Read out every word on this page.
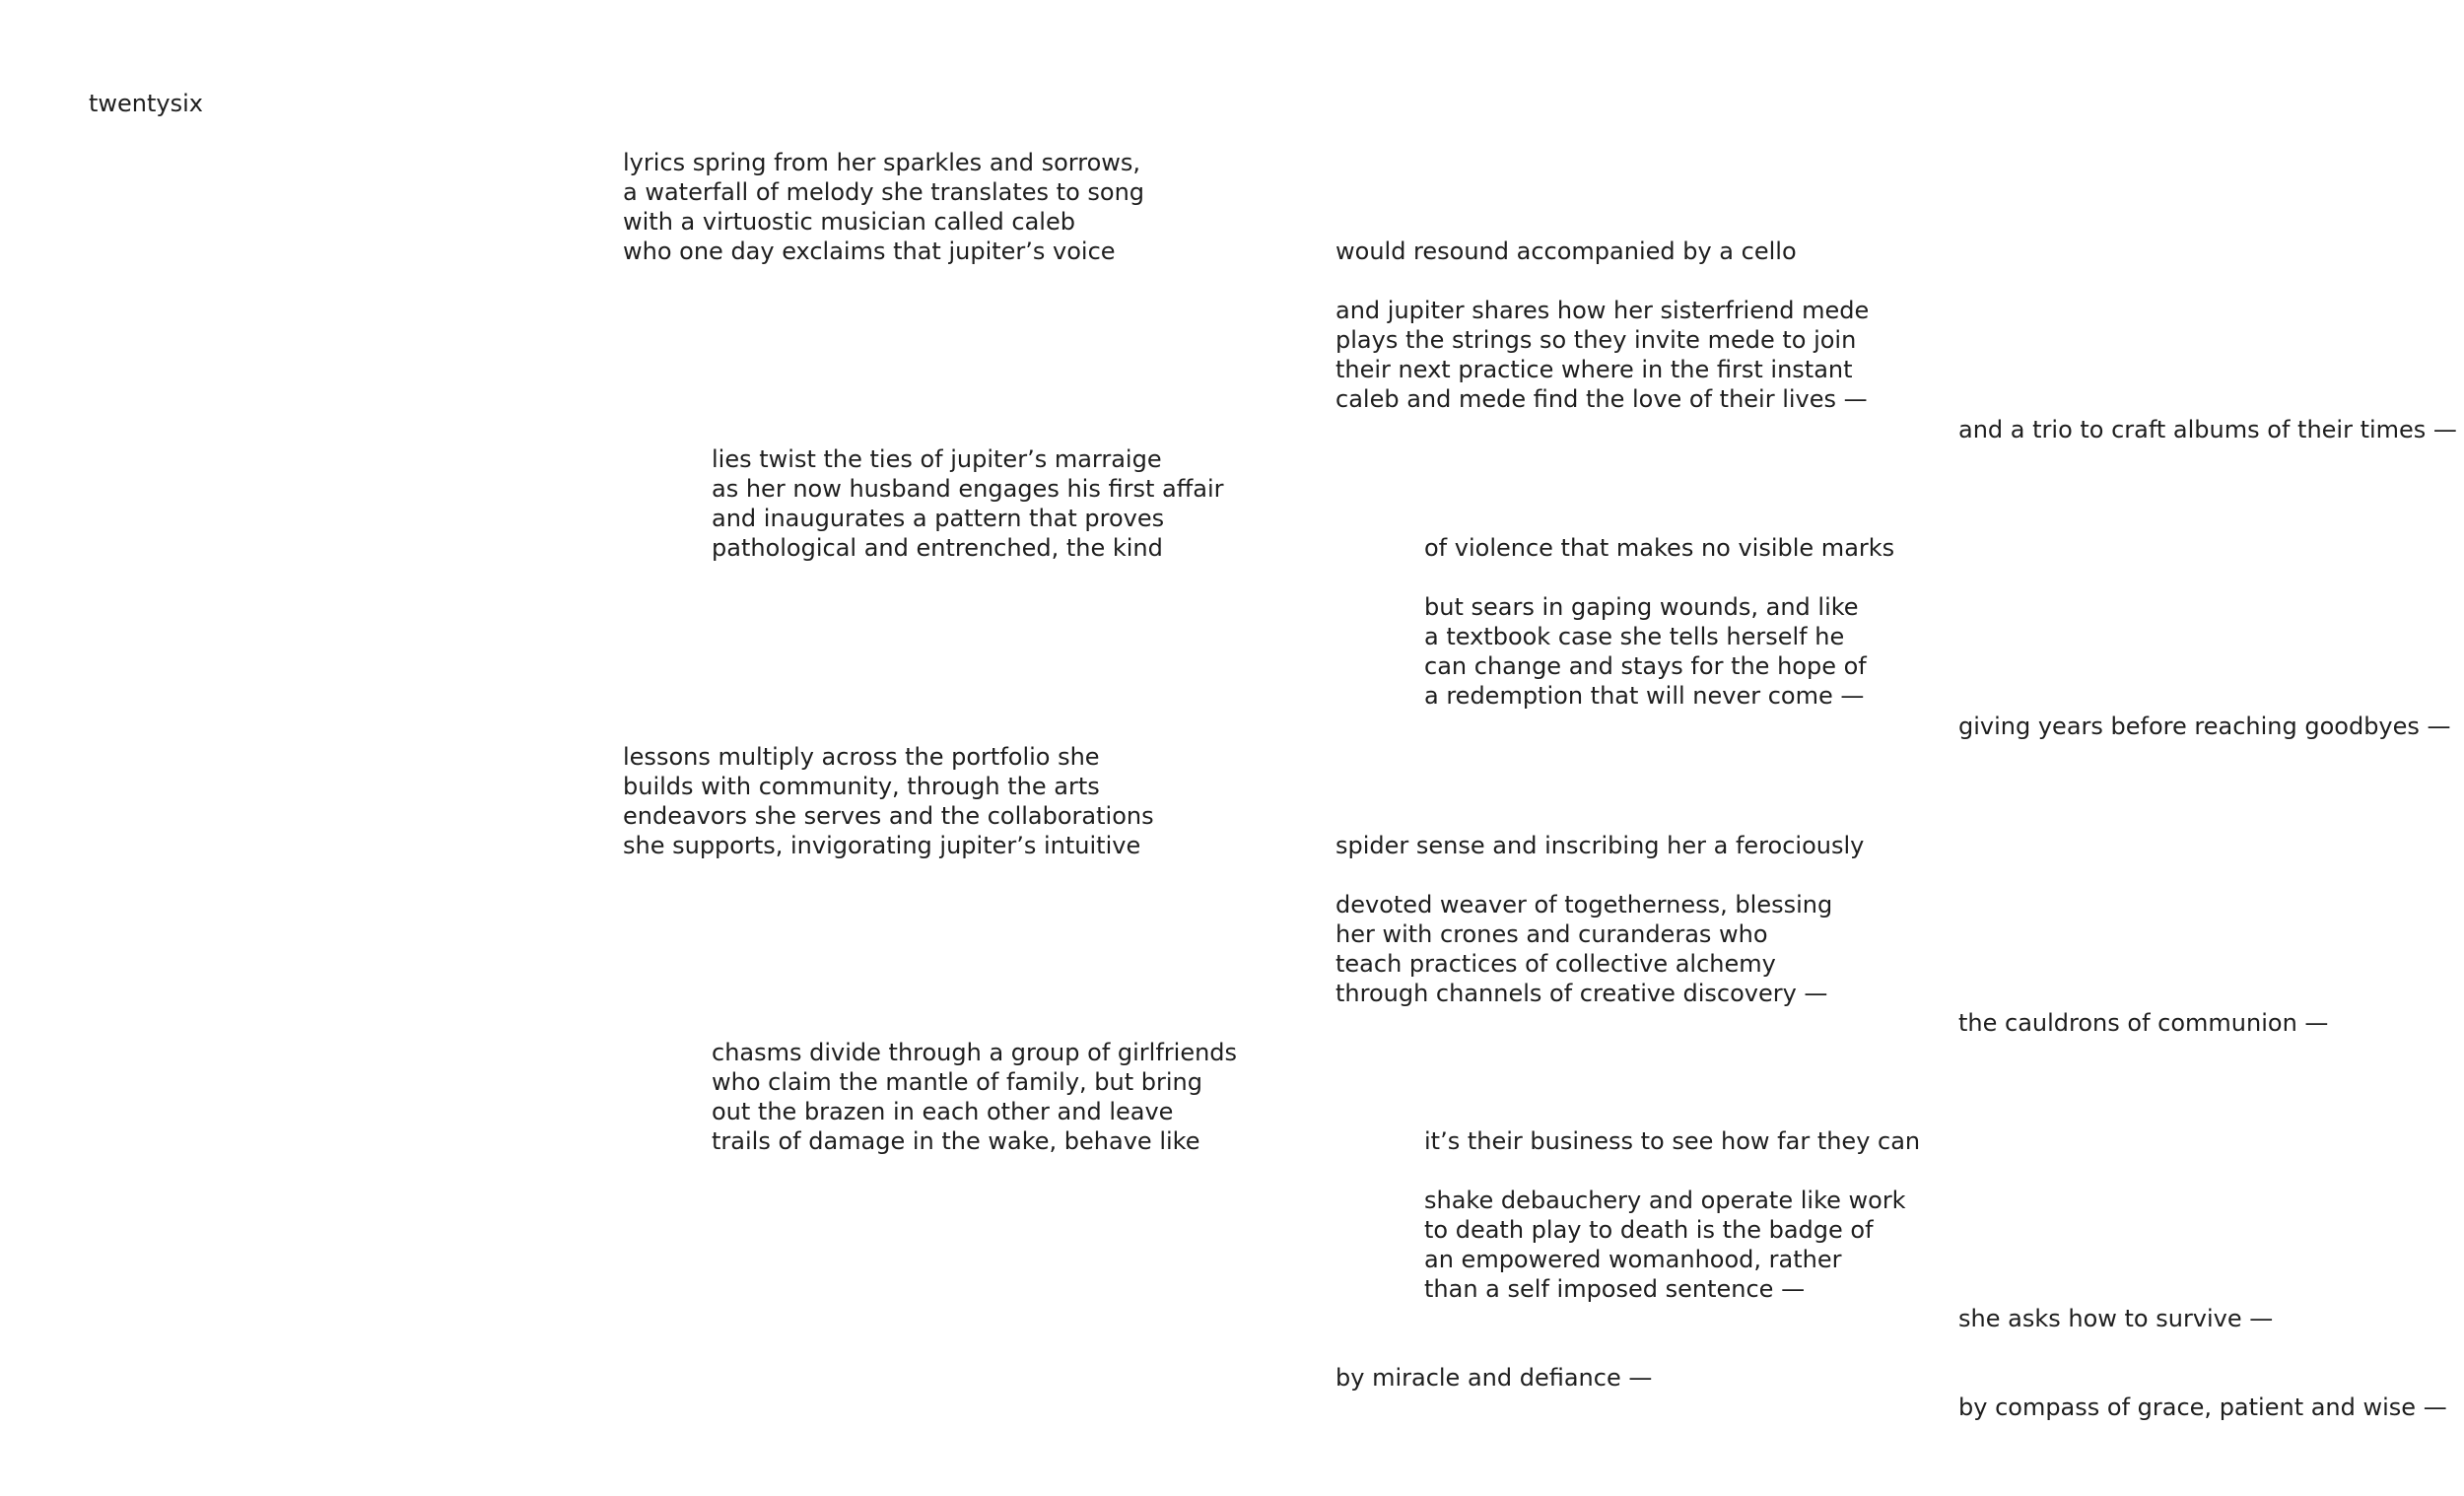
twentysix
lyrics spring from her sparkles and sorrows,
a waterfall of melody she translates to song
with a virtuostic musician called caleb
who one day exclaims that jupiter’s voice	would resound accompanied by a cello
and jupiter shares how her sisterfriend mede
plays the strings so they invite mede to join
their next practice where in the first instant
caleb and mede find the love of their lives —
and a trio to craft albums of their times —
lies twist the ties of jupiter’s marraige
as her now husband engages his first affair
and inaugurates a pattern that proves
pathological and entrenched, the kind	of violence that makes no visible marks
but sears in gaping wounds, and like
a textbook case she tells herself he
can change and stays for the hope of
a redemption that will never come —
giving years before reaching goodbyes —
lessons multiply across the portfolio she
builds with community, through the arts
endeavors she serves and the collaborations
she supports, invigorating jupiter’s intuitive	spider sense and inscribing her a ferociously
devoted weaver of togetherness, blessing
her with crones and curanderas who
teach practices of collective alchemy
through channels of creative discovery —
the cauldrons of communion —
chasms divide through a group of girlfriends
who claim the mantle of family, but bring
out the brazen in each other and leave
trails of damage in the wake, behave like	it’s their business to see how far they can
shake debauchery and operate like work
to death play to death is the badge of
an empowered womanhood, rather
than a self imposed sentence —
she asks how to survive —
by miracle and defiance —
by compass of grace, patient and wise —
